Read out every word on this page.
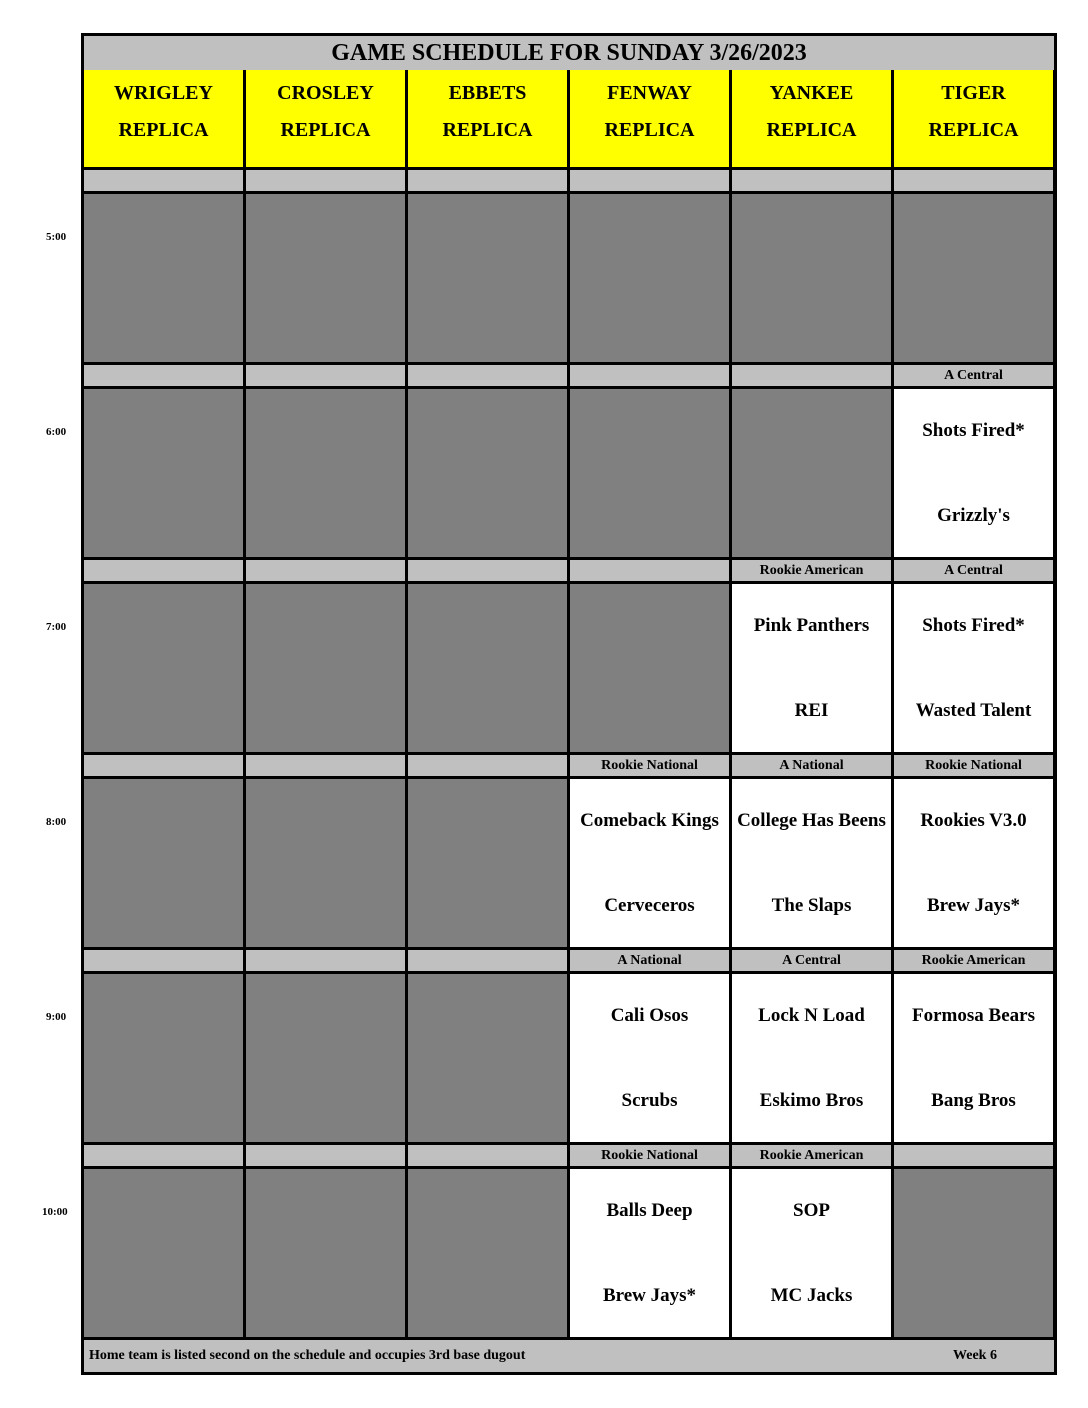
GAME SCHEDULE FOR SUNDAY 3/26/2023
WRIGLEY
REPLICA
CROSLEY
REPLICA
EBBETS
REPLICA
FENWAY
REPLICA
YANKEE
REPLICA
TIGER
REPLICA
A Central
Shots Fired*
Grizzly's
Rookie American
Pink Panthers
REI
A Central
Shots Fired*
Wasted Talent
Rookie National
Comeback Kings
Cerveceros
A National
College Has Beens
The Slaps
Rookie National
Rookies V3.0
Brew Jays*
A National
Cali Osos
Scrubs
A Central
Lock N Load
Eskimo Bros
Rookie American
Formosa Bears
Bang Bros
Rookie National
Balls Deep
Brew Jays*
Rookie American
SOP
MC Jacks
Home team is listed second on the schedule and occupies 3rd base dugout	Week 6
5:00
6:00
7:00
8:00
9:00
10:00
